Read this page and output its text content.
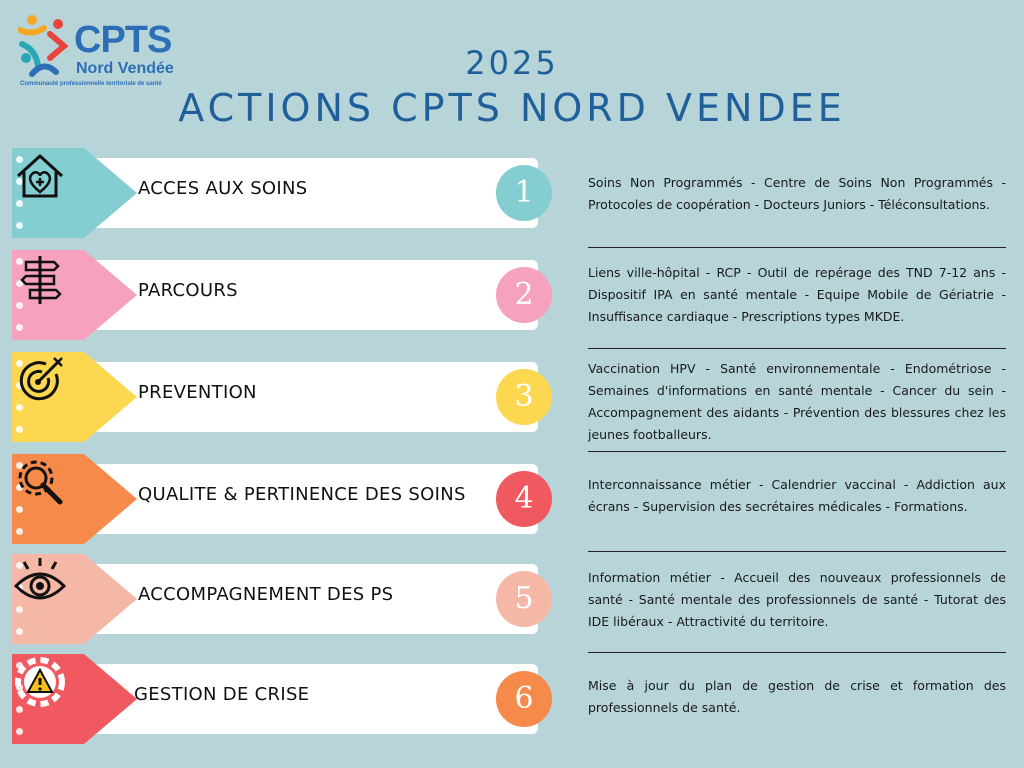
CPTS
Nord Vendée
Communauté professionnelle territoriale de santé
2025
ACTIONS CPTS NORD VENDEE
ACCES AUX SOINS	1	Soins Non Programmés - Centre de Soins Non Programmés - Protocoles de coopération - Docteurs Juniors - Téléconsultations.
PARCOURS	2
Liens ville-hôpital - RCP - Outil de repérage des TND 7-12 ans - Dispositif IPA en santé mentale - Equipe Mobile de Gériatrie - Insuffisance cardiaque - Prescriptions types MKDE.
PREVENTION	3
Vaccination HPV - Santé environnementale - Endométriose - Semaines d'informations en santé mentale - Cancer du sein - Accompagnement des aidants - Prévention des blessures chez les jeunes footballeurs.
QUALITE & PERTINENCE DES SOINS	4	Interconnaissance métier - Calendrier vaccinal - Addiction aux écrans - Supervision des secrétaires médicales - Formations.
ACCOMPAGNEMENT DES PS	5
Information métier - Accueil des nouveaux professionnels de santé - Santé mentale des professionnels de santé - Tutorat des IDE libéraux - Attractivité du territoire.
GESTION DE CRISE	6	Mise à jour du plan de gestion de crise et formation des professionnels de santé.
